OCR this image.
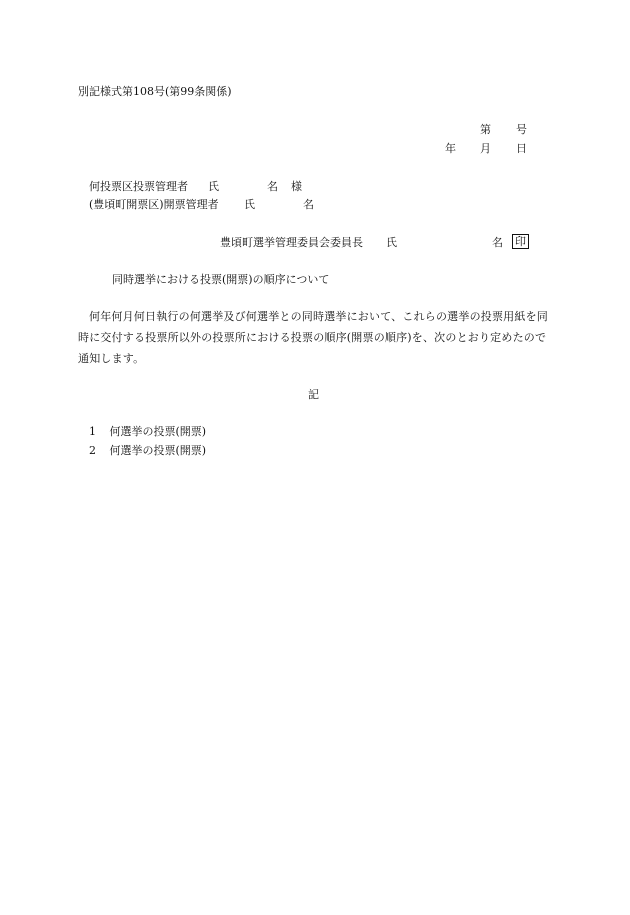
別記様式第108号(第99条関係)
第 号
年 月 日
何投票区投票管理者 氏	名 様
(豊頃町開票区)開票管理者 氏	名
豊頃町選挙管理委員会委員長 氏	名 印
同時選挙における投票(開票)の順序について
何年何月何日執行の何選挙及び何選挙との同時選挙において、これらの選挙の投票用紙を同時に交付する投票所以外の投票所における投票の順序(開票の順序)を、次のとおり定めたので通知します。
記
1 何選挙の投票(開票)
2 何選挙の投票(開票)
